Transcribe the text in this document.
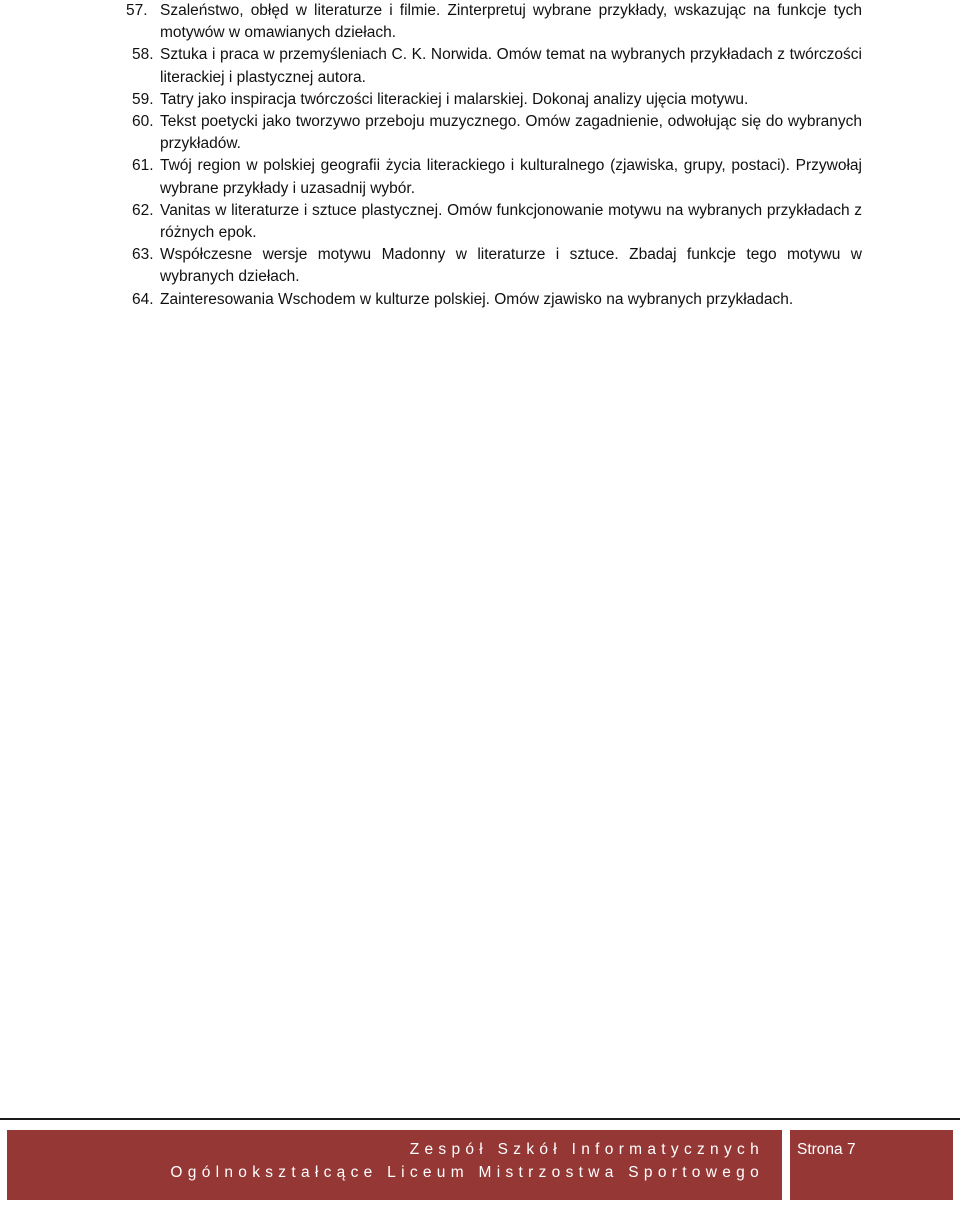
57. Szaleństwo, obłęd w literaturze i filmie. Zinterpretuj wybrane przykłady, wskazując na funkcje tych motywów w omawianych dziełach.
58. Sztuka i praca w przemyśleniach C. K. Norwida. Omów temat na wybranych przykładach z twórczości literackiej i plastycznej autora.
59. Tatry jako inspiracja twórczości literackiej i malarskiej. Dokonaj analizy ujęcia motywu.
60. Tekst poetycki jako tworzywo przeboju muzycznego. Omów zagadnienie, odwołując się do wybranych przykładów.
61. Twój region w polskiej geografii życia literackiego i kulturalnego (zjawiska, grupy, postaci). Przywołaj wybrane przykłady i uzasadnij wybór.
62. Vanitas w literaturze i sztuce plastycznej. Omów funkcjonowanie motywu na wybranych przykładach z różnych epok.
63. Współczesne wersje motywu Madonny w literaturze i sztuce. Zbadaj funkcje tego motywu w wybranych dziełach.
64. Zainteresowania Wschodem w kulturze polskiej. Omów zjawisko na wybranych przykładach.
Zespół Szkół Informatycznych
Ogólnokształcące Liceum Mistrzostwa Sportowego
Strona 7
